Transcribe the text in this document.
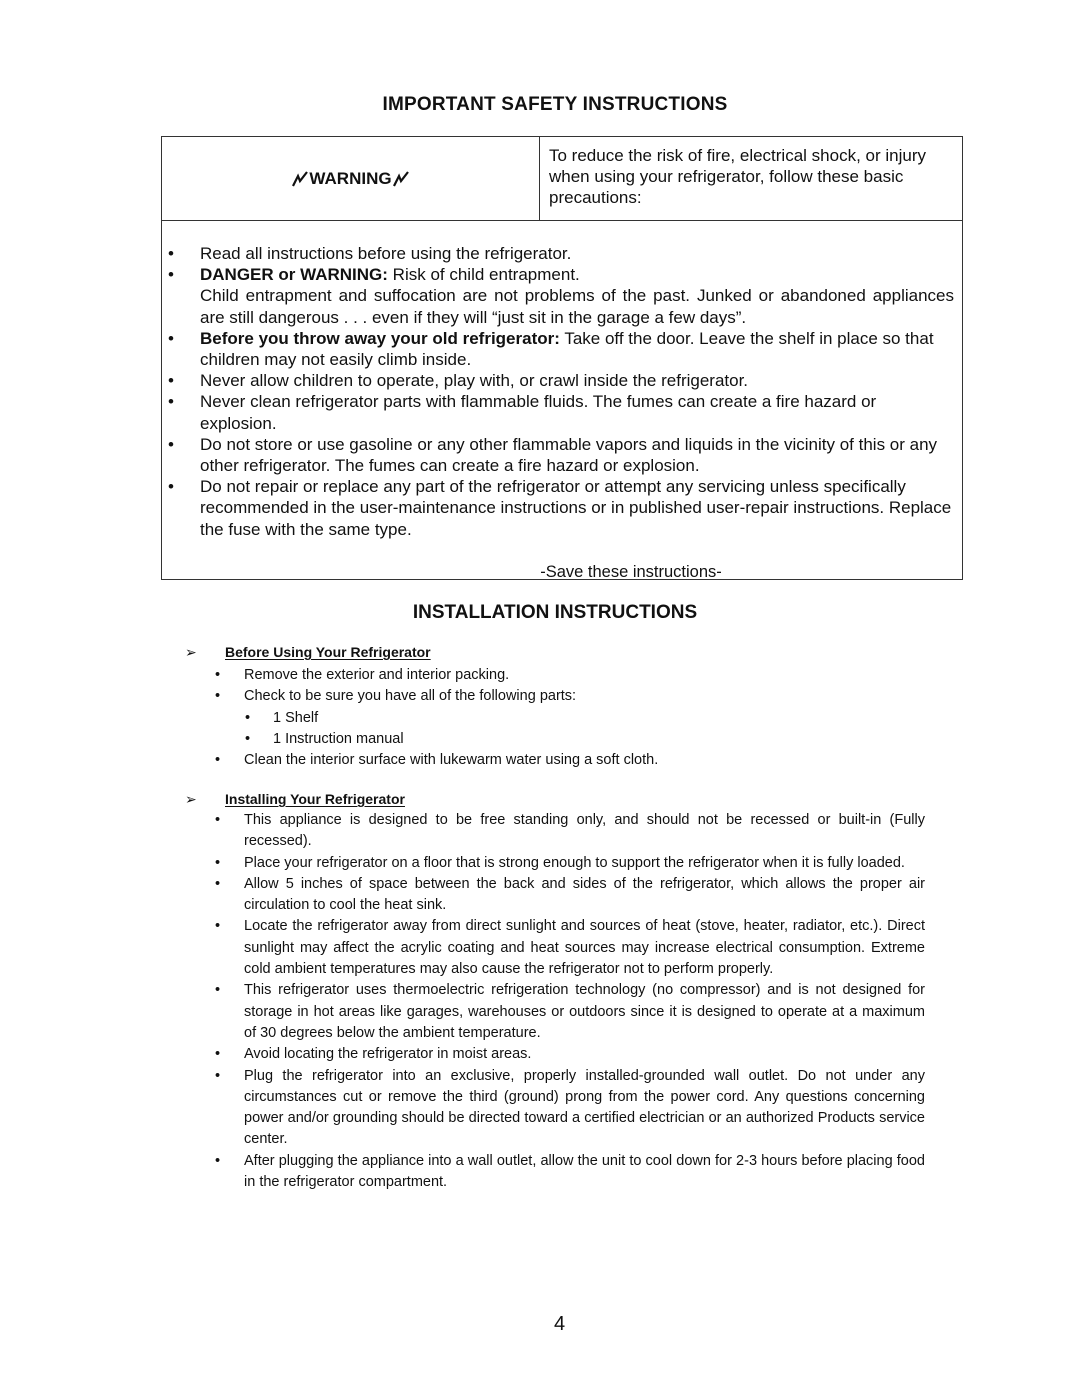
IMPORTANT SAFETY INSTRUCTIONS
WARNING
To reduce the risk of fire, electrical shock, or injury when using your refrigerator, follow these basic precautions:
• Read all instructions before using the refrigerator.
• DANGER or WARNING: Risk of child entrapment.
Child entrapment and suffocation are not problems of the past. Junked or abandoned appliances are still dangerous . . . even if they will “just sit in the garage a few days”.
• Before you throw away your old refrigerator: Take off the door. Leave the shelf in place so that children may not easily climb inside.
• Never allow children to operate, play with, or crawl inside the refrigerator.
• Never clean refrigerator parts with flammable fluids. The fumes can create a fire hazard or explosion.
• Do not store or use gasoline or any other flammable vapors and liquids in the vicinity of this or any other refrigerator. The fumes can create a fire hazard or explosion.
• Do not repair or replace any part of the refrigerator or attempt any servicing unless specifically recommended in the user-maintenance instructions or in published user-repair instructions. Replace the fuse with the same type.
-Save these instructions-
INSTALLATION INSTRUCTIONS
➢ Before Using Your Refrigerator
• Remove the exterior and interior packing.
• Check to be sure you have all of the following parts:
• 1 Shelf
• 1 Instruction manual
• Clean the interior surface with lukewarm water using a soft cloth.
➢ Installing Your Refrigerator
• This appliance is designed to be free standing only, and should not be recessed or built-in (Fully recessed).
• Place your refrigerator on a floor that is strong enough to support the refrigerator when it is fully loaded.
• Allow 5 inches of space between the back and sides of the refrigerator, which allows the proper air circulation to cool the heat sink.
• Locate the refrigerator away from direct sunlight and sources of heat (stove, heater, radiator, etc.). Direct sunlight may affect the acrylic coating and heat sources may increase electrical consumption. Extreme cold ambient temperatures may also cause the refrigerator not to perform properly.
• This refrigerator uses thermoelectric refrigeration technology (no compressor) and is not designed for storage in hot areas like garages, warehouses or outdoors since it is designed to operate at a maximum of 30 degrees below the ambient temperature.
• Avoid locating the refrigerator in moist areas.
• Plug the refrigerator into an exclusive, properly installed-grounded wall outlet. Do not under any circumstances cut or remove the third (ground) prong from the power cord. Any questions concerning power and/or grounding should be directed toward a certified electrician or an authorized Products service center.
• After plugging the appliance into a wall outlet, allow the unit to cool down for 2-3 hours before placing food in the refrigerator compartment.
4
